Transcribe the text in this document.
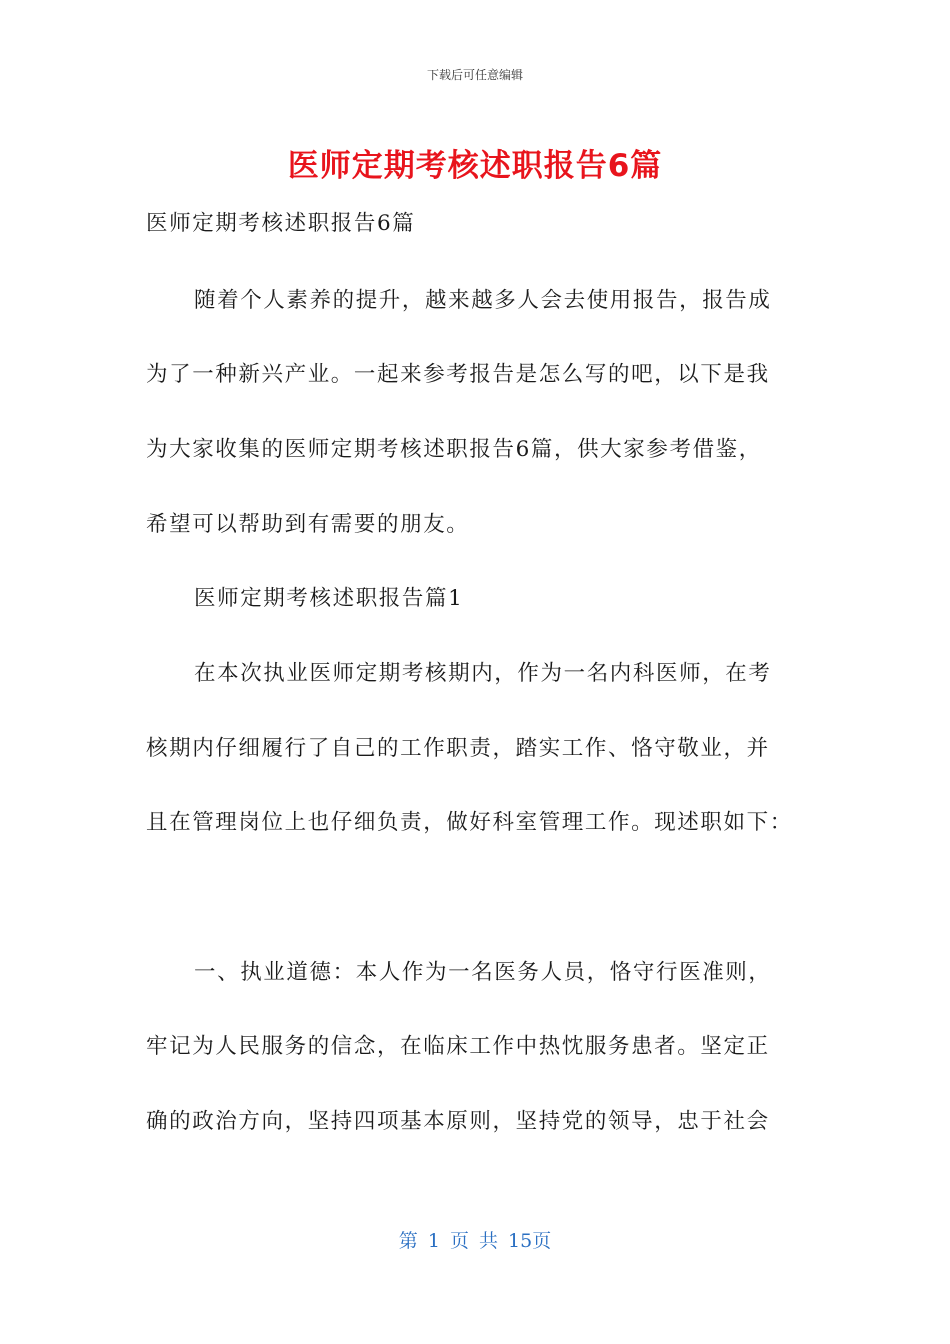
下载后可任意编辑
医师定期考核述职报告6篇
医师定期考核述职报告6篇
随着个人素养的提升，越来越多人会去使用报告，报告成
为了一种新兴产业。一起来参考报告是怎么写的吧，以下是我
为大家收集的医师定期考核述职报告6篇，供大家参考借鉴，
希望可以帮助到有需要的朋友。
医师定期考核述职报告篇1
在本次执业医师定期考核期内，作为一名内科医师，在考
核期内仔细履行了自己的工作职责，踏实工作、恪守敬业，并
且在管理岗位上也仔细负责，做好科室管理工作。现述职如下：
一、执业道德：本人作为一名医务人员，恪守行医准则，
牢记为人民服务的信念，在临床工作中热忱服务患者。坚定正
确的政治方向，坚持四项基本原则，坚持党的领导，忠于社会
第 1 页 共 15页
